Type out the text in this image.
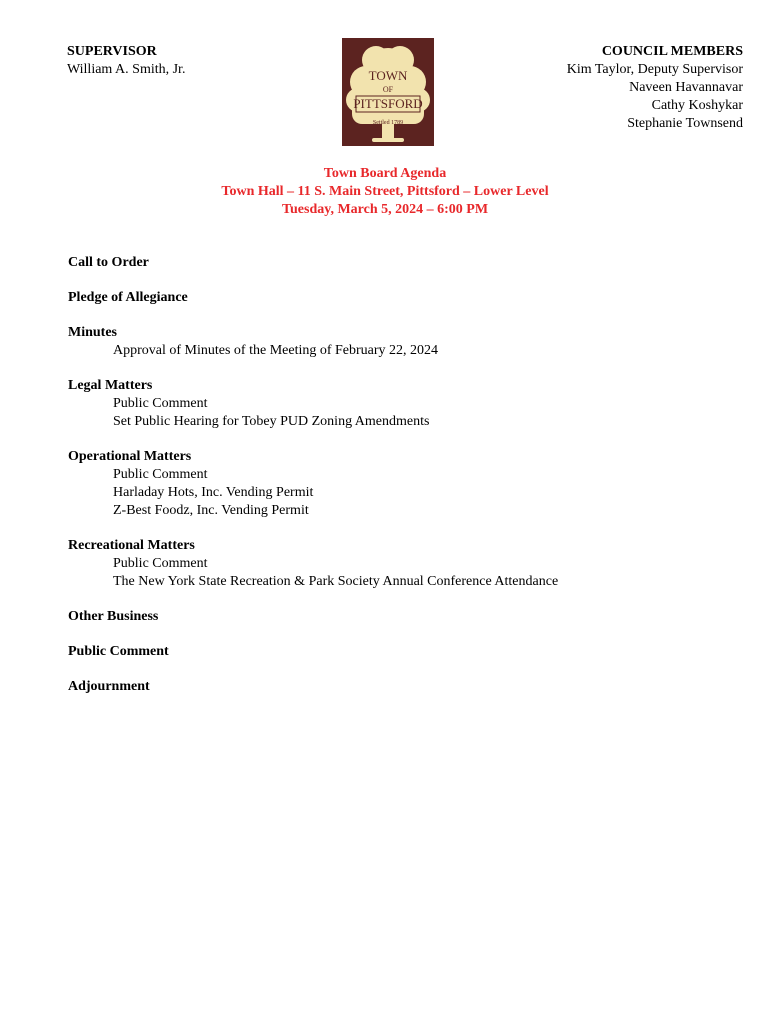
SUPERVISOR
William A. Smith, Jr.	TOWN
OF
PITTSFORD
Settled 1789
COUNCIL MEMBERS
Kim Taylor, Deputy Supervisor
Naveen Havannavar
Cathy Koshykar
Stephanie Townsend
Town Board Agenda
Town Hall – 11 S. Main Street, Pittsford – Lower Level
Tuesday, March 5, 2024 – 6:00 PM
Call to Order
Pledge of Allegiance
Minutes
Approval of Minutes of the Meeting of February 22, 2024
Legal Matters
Public Comment
Set Public Hearing for Tobey PUD Zoning Amendments
Operational Matters
Public Comment
Harladay Hots, Inc. Vending Permit
Z-Best Foodz, Inc. Vending Permit
Recreational Matters
Public Comment
The New York State Recreation & Park Society Annual Conference Attendance
Other Business
Public Comment
Adjournment
